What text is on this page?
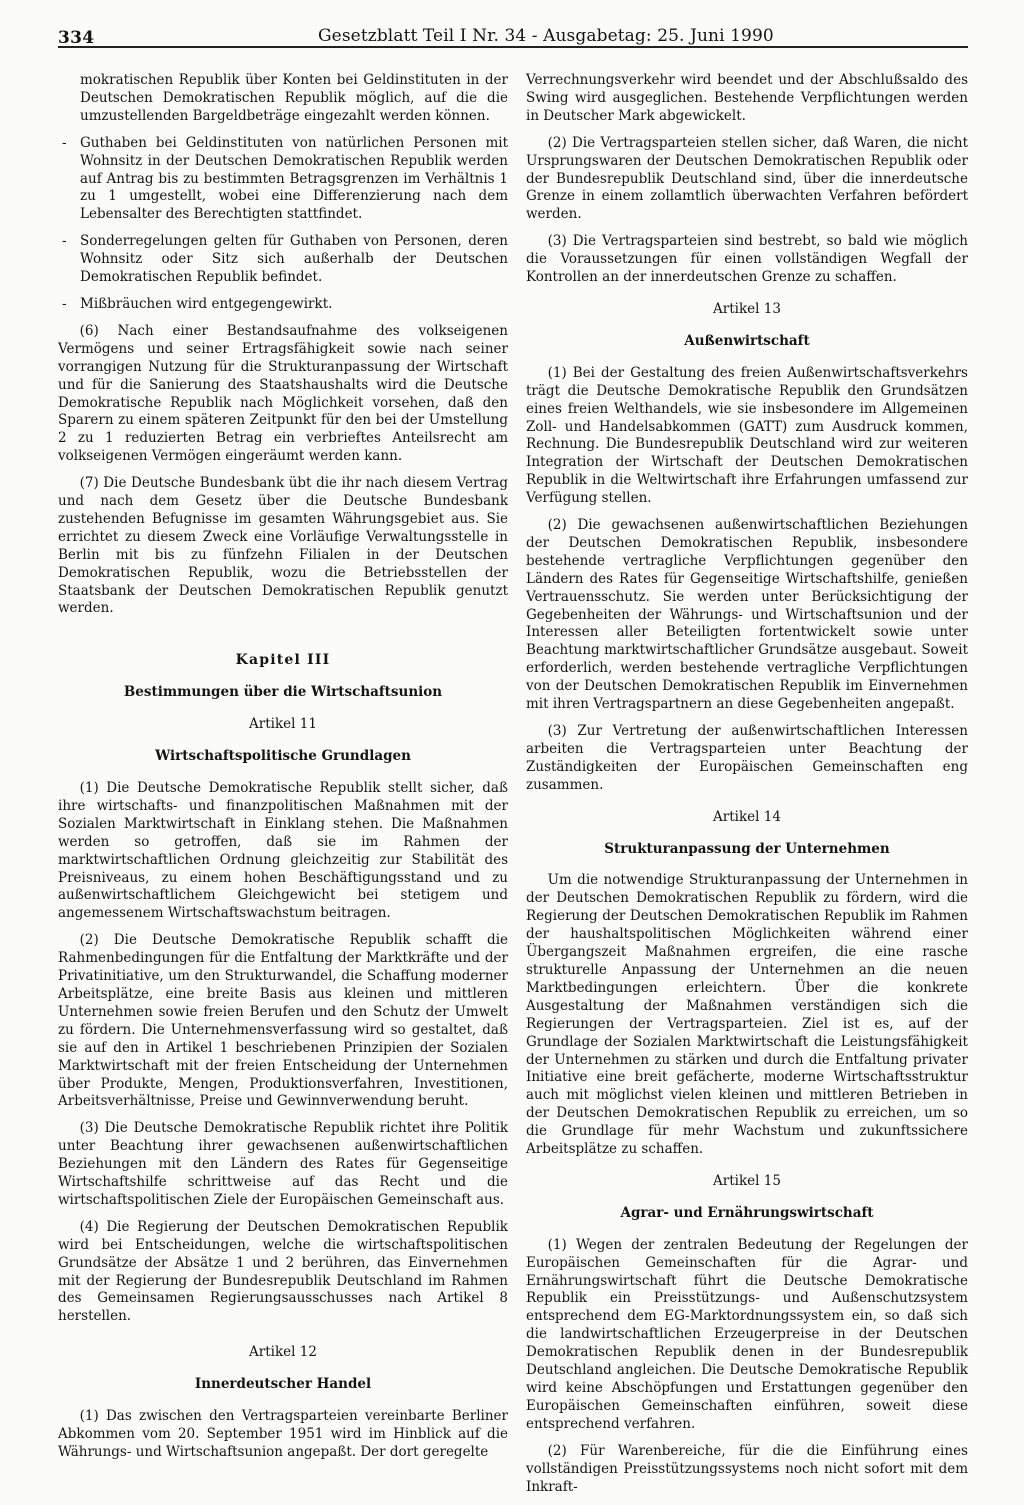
334	Gesetzblatt Teil I Nr. 34 - Ausgabetag: 25. Juni 1990

mokratischen Republik über Konten bei Geldinstituten in der Deutschen Demokratischen Republik möglich, auf die die umzustellenden Bargeldbeträge eingezahlt werden können.

- Guthaben bei Geldinstituten von natürlichen Personen mit Wohnsitz in der Deutschen Demokratischen Republik werden auf Antrag bis zu bestimmten Betragsgrenzen im Verhältnis 1 zu 1 umgestellt, wobei eine Differenzierung nach dem Lebensalter des Berechtigten stattfindet.

- Sonderregelungen gelten für Guthaben von Personen, deren Wohnsitz oder Sitz sich außerhalb der Deutschen Demokratischen Republik befindet.

- Mißbräuchen wird entgegengewirkt.

(6) Nach einer Bestandsaufnahme des volkseigenen Vermögens und seiner Ertragsfähigkeit sowie nach seiner vorrangigen Nutzung für die Strukturanpassung der Wirtschaft und für die Sanierung des Staatshaushalts wird die Deutsche Demokratische Republik nach Möglichkeit vorsehen, daß den Sparern zu einem späteren Zeitpunkt für den bei der Umstellung 2 zu 1 reduzierten Betrag ein verbrieftes Anteilsrecht am volkseigenen Vermögen eingeräumt werden kann.

(7) Die Deutsche Bundesbank übt die ihr nach diesem Vertrag und nach dem Gesetz über die Deutsche Bundesbank zustehenden Befugnisse im gesamten Währungsgebiet aus. Sie errichtet zu diesem Zweck eine Vorläufige Verwaltungsstelle in Berlin mit bis zu fünfzehn Filialen in der Deutschen Demokratischen Republik, wozu die Betriebsstellen der Staatsbank der Deutschen Demokratischen Republik genutzt werden.

Kapitel III
Bestimmungen über die Wirtschaftsunion
Artikel 11
Wirtschaftspolitische Grundlagen

(1) Die Deutsche Demokratische Republik stellt sicher, daß ihre wirtschafts- und finanzpolitischen Maßnahmen mit der Sozialen Marktwirtschaft in Einklang stehen. Die Maßnahmen werden so getroffen, daß sie im Rahmen der marktwirtschaftlichen Ordnung gleichzeitig zur Stabilität des Preisniveaus, zu einem hohen Beschäftigungsstand und zu außenwirtschaftlichem Gleichgewicht bei stetigem und angemessenem Wirtschaftswachstum beitragen.

(2) Die Deutsche Demokratische Republik schafft die Rahmenbedingungen für die Entfaltung der Marktkräfte und der Privatinitiative, um den Strukturwandel, die Schaffung moderner Arbeitsplätze, eine breite Basis aus kleinen und mittleren Unternehmen sowie freien Berufen und den Schutz der Umwelt zu fördern. Die Unternehmensverfassung wird so gestaltet, daß sie auf den in Artikel 1 beschriebenen Prinzipien der Sozialen Marktwirtschaft mit der freien Entscheidung der Unternehmen über Produkte, Mengen, Produktionsverfahren, Investitionen, Arbeitsverhältnisse, Preise und Gewinnverwendung beruht.

(3) Die Deutsche Demokratische Republik richtet ihre Politik unter Beachtung ihrer gewachsenen außenwirtschaftlichen Beziehungen mit den Ländern des Rates für Gegenseitige Wirtschaftshilfe schrittweise auf das Recht und die wirtschaftspolitischen Ziele der Europäischen Gemeinschaft aus.

(4) Die Regierung der Deutschen Demokratischen Republik wird bei Entscheidungen, welche die wirtschaftspolitischen Grundsätze der Absätze 1 und 2 berühren, das Einvernehmen mit der Regierung der Bundesrepublik Deutschland im Rahmen des Gemeinsamen Regierungsausschusses nach Artikel 8 herstellen.

Artikel 12
Innerdeutscher Handel

(1) Das zwischen den Vertragsparteien vereinbarte Berliner Abkommen vom 20. September 1951 wird im Hinblick auf die Währungs- und Wirtschaftsunion angepaßt. Der dort geregelte

Verrechnungsverkehr wird beendet und der Abschlußsaldo des Swing wird ausgeglichen. Bestehende Verpflichtungen werden in Deutscher Mark abgewickelt.

(2) Die Vertragsparteien stellen sicher, daß Waren, die nicht Ursprungswaren der Deutschen Demokratischen Republik oder der Bundesrepublik Deutschland sind, über die innerdeutsche Grenze in einem zollamtlich überwachten Verfahren befördert werden.

(3) Die Vertragsparteien sind bestrebt, so bald wie möglich die Voraussetzungen für einen vollständigen Wegfall der Kontrollen an der innerdeutschen Grenze zu schaffen.

Artikel 13
Außenwirtschaft

(1) Bei der Gestaltung des freien Außenwirtschaftsverkehrs trägt die Deutsche Demokratische Republik den Grundsätzen eines freien Welthandels, wie sie insbesondere im Allgemeinen Zoll- und Handelsabkommen (GATT) zum Ausdruck kommen, Rechnung. Die Bundesrepublik Deutschland wird zur weiteren Integration der Wirtschaft der Deutschen Demokratischen Republik in die Weltwirtschaft ihre Erfahrungen umfassend zur Verfügung stellen.

(2) Die gewachsenen außenwirtschaftlichen Beziehungen der Deutschen Demokratischen Republik, insbesondere bestehende vertragliche Verpflichtungen gegenüber den Ländern des Rates für Gegenseitige Wirtschaftshilfe, genießen Vertrauensschutz. Sie werden unter Berücksichtigung der Gegebenheiten der Währungs- und Wirtschaftsunion und der Interessen aller Beteiligten fortentwickelt sowie unter Beachtung marktwirtschaftlicher Grundsätze ausgebaut. Soweit erforderlich, werden bestehende vertragliche Verpflichtungen von der Deutschen Demokratischen Republik im Einvernehmen mit ihren Vertragspartnern an diese Gegebenheiten angepaßt.

(3) Zur Vertretung der außenwirtschaftlichen Interessen arbeiten die Vertragsparteien unter Beachtung der Zuständigkeiten der Europäischen Gemeinschaften eng zusammen.

Artikel 14
Strukturanpassung der Unternehmen

Um die notwendige Strukturanpassung der Unternehmen in der Deutschen Demokratischen Republik zu fördern, wird die Regierung der Deutschen Demokratischen Republik im Rahmen der haushaltspolitischen Möglichkeiten während einer Übergangszeit Maßnahmen ergreifen, die eine rasche strukturelle Anpassung der Unternehmen an die neuen Marktbedingungen erleichtern. Über die konkrete Ausgestaltung der Maßnahmen verständigen sich die Regierungen der Vertragsparteien. Ziel ist es, auf der Grundlage der Sozialen Marktwirtschaft die Leistungsfähigkeit der Unternehmen zu stärken und durch die Entfaltung privater Initiative eine breit gefächerte, moderne Wirtschaftsstruktur auch mit möglichst vielen kleinen und mittleren Betrieben in der Deutschen Demokratischen Republik zu erreichen, um so die Grundlage für mehr Wachstum und zukunftssichere Arbeitsplätze zu schaffen.

Artikel 15
Agrar- und Ernährungswirtschaft

(1) Wegen der zentralen Bedeutung der Regelungen der Europäischen Gemeinschaften für die Agrar- und Ernährungswirtschaft führt die Deutsche Demokratische Republik ein Preisstützungs- und Außenschutzsystem entsprechend dem EG-Marktordnungssystem ein, so daß sich die landwirtschaftlichen Erzeugerpreise in der Deutschen Demokratischen Republik denen in der Bundesrepublik Deutschland angleichen. Die Deutsche Demokratische Republik wird keine Abschöpfungen und Erstattungen gegenüber den Europäischen Gemeinschaften einführen, soweit diese entsprechend verfahren.

(2) Für Warenbereiche, für die die Einführung eines vollständigen Preisstützungssystems noch nicht sofort mit dem Inkraft-
